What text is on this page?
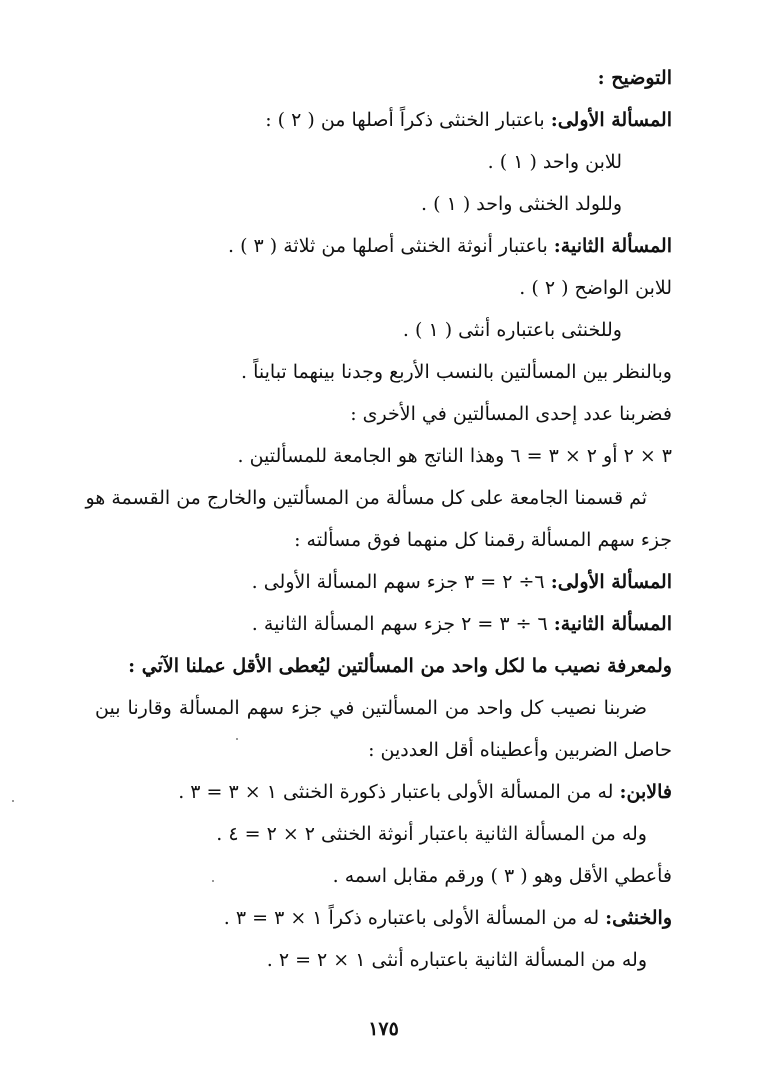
التوضيح :
المسألة الأولى: باعتبار الخنثى ذكراً أصلها من ( ٢ ) :
للابن واحد ( ١ ) .
وللولد الخنثى واحد ( ١ ) .
المسألة الثانية: باعتبار أنوثة الخنثى أصلها من ثلاثة ( ٣ ) .
للابن الواضح ( ٢ ) .
وللخنثى باعتباره أنثى ( ١ ) .
وبالنظر بين المسألتين بالنسب الأربع وجدنا بينهما تبايناً .
فضربنا عدد إحدى المسألتين في الأخرى :
٣ × ٢ أو ٢ × ٣ = ٦ وهذا الناتج هو الجامعة للمسألتين .
ثم قسمنا الجامعة على كل مسألة من المسألتين والخارج من القسمة هو
جزء سهم المسألة رقمنا كل منهما فوق مسألته :
المسألة الأولى: ٦÷ ٢ = ٣ جزء سهم المسألة الأولى .
المسألة الثانية: ٦ ÷ ٣ = ٢ جزء سهم المسألة الثانية .
ولمعرفة نصيب ما لكل واحد من المسألتين ليُعطى الأقل عملنا الآتي :
ضربنا نصيب كل واحد من المسألتين في جزء سهم المسألة وقارنا بين
حاصل الضربين وأعطيناه أقل العددين :
فالابن: له من المسألة الأولى باعتبار ذكورة الخنثى ١ × ٣ = ٣ .
وله من المسألة الثانية باعتبار أنوثة الخنثى ٢ × ٢ = ٤ .
فأعطي الأقل وهو ( ٣ ) ورقم مقابل اسمه .
والخنثى: له من المسألة الأولى باعتباره ذكراً ١ × ٣ = ٣ .
وله من المسألة الثانية باعتباره أنثى ١ × ٢ = ٢ .
١٧٥
